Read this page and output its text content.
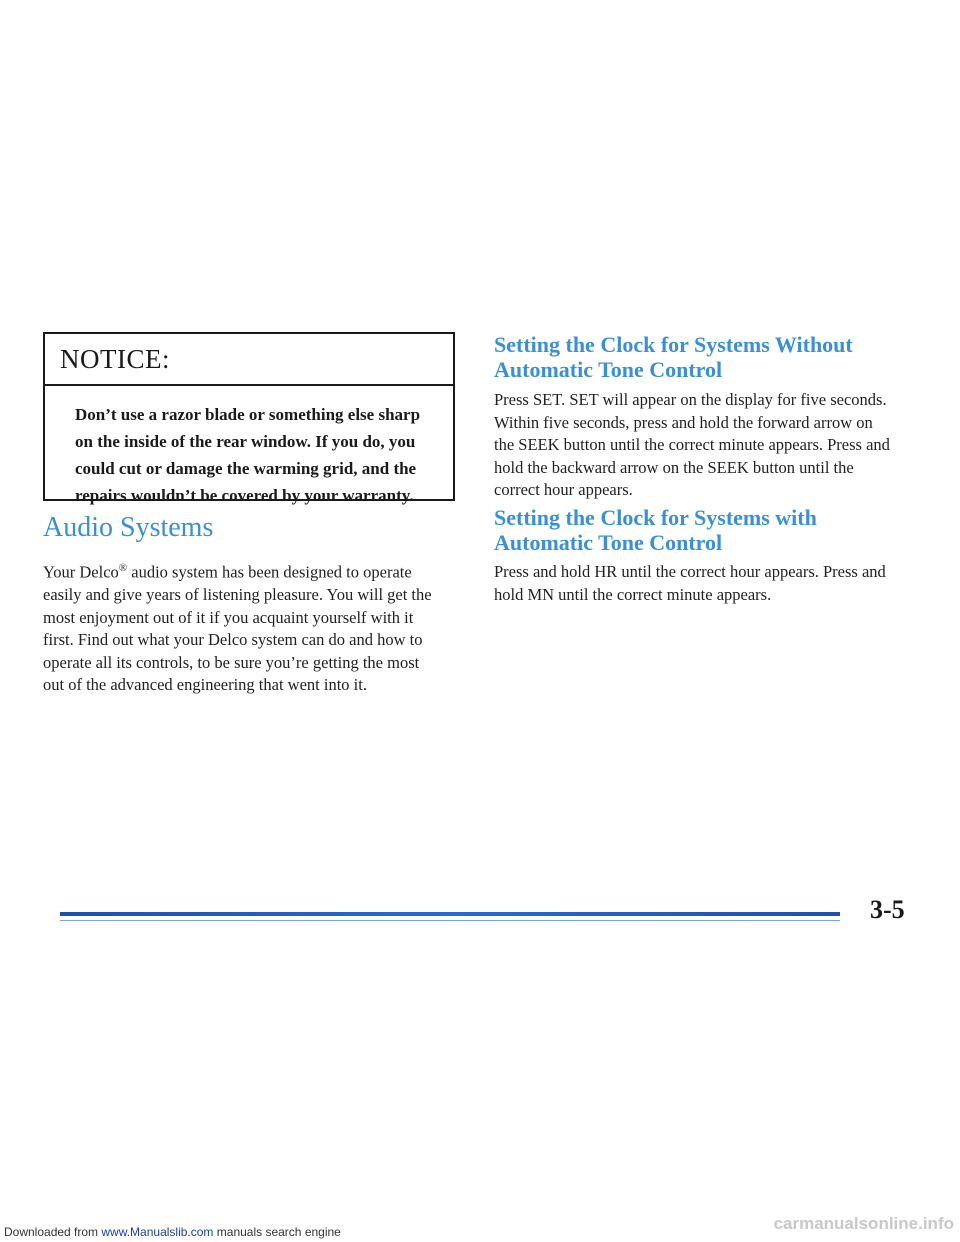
NOTICE:
Don’t use a razor blade or something else sharp on the inside of the rear window. If you do, you could cut or damage the warming grid, and the repairs wouldn’t be covered by your warranty.
Audio Systems

Your Delco® audio system has been designed to operate easily and give years of listening pleasure. You will get the most enjoyment out of it if you acquaint yourself with it first. Find out what your Delco system can do and how to operate all its controls, to be sure you’re getting the most out of the advanced engineering that went into it.

Setting the Clock for Systems Without Automatic Tone Control

Press SET. SET will appear on the display for five seconds. Within five seconds, press and hold the forward arrow on the SEEK button until the correct minute appears. Press and hold the backward arrow on the SEEK button until the correct hour appears.

Setting the Clock for Systems with Automatic Tone Control

Press and hold HR until the correct hour appears. Press and hold MN until the correct minute appears.

3-5
Downloaded from www.Manualslib.com manuals search engine	carmanualsonline.info
